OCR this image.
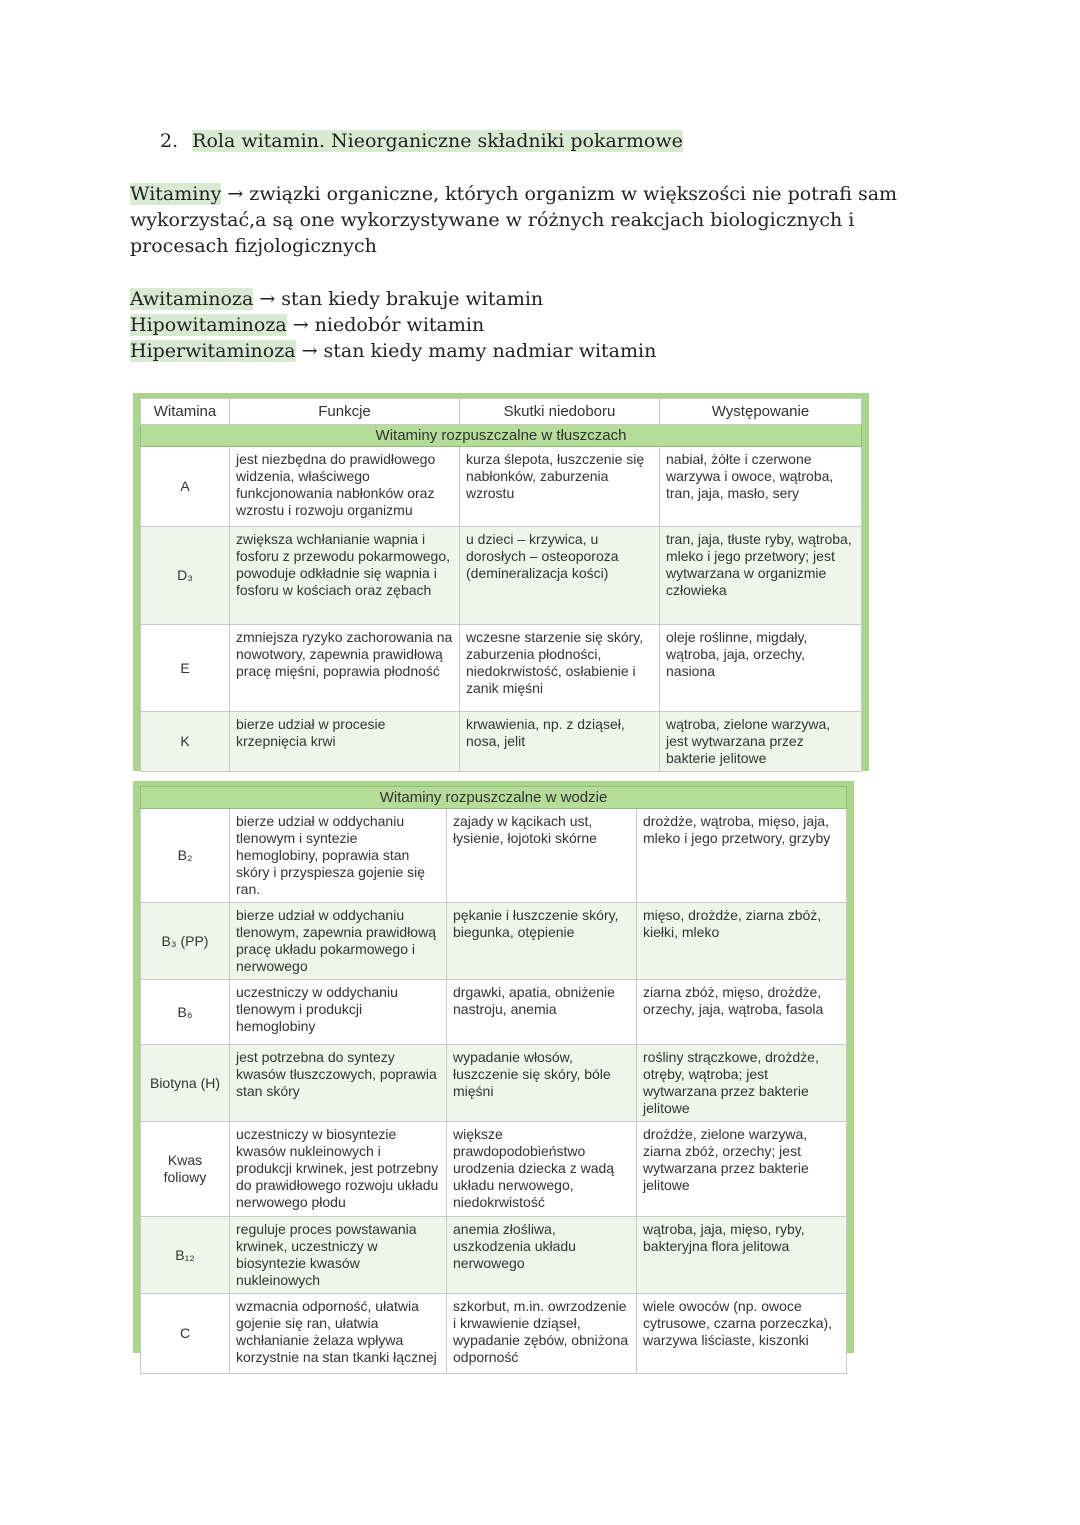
2. Rola witamin. Nieorganiczne składniki pokarmowe
Witaminy → związki organiczne, których organizm w większości nie potrafi sam wykorzystać,a są one wykorzystywane w różnych reakcjach biologicznych i procesach fizjologicznych
Awitaminoza → stan kiedy brakuje witamin
Hipowitaminoza → niedobór witamin
Hiperwitaminoza → stan kiedy mamy nadmiar witamin
Witamina	Funkcje	Skutki niedoboru	Występowanie
Witaminy rozpuszczalne w tłuszczach			
A	jest niezbędna do prawidłowego widzenia, właściwego funkcjonowania nabłonków oraz wzrostu i rozwoju organizmu	kurza ślepota, łuszczenie się nabłonków, zaburzenia wzrostu	nabiał, żółte i czerwone warzywa i owoce, wątroba, tran, jaja, masło, sery
D₃	zwiększa wchłanianie wapnia i fosforu z przewodu pokarmowego, powoduje odkładnie się wapnia i fosforu w kościach oraz zębach	u dzieci – krzywica, u dorosłych – osteoporoza (demineralizacja kości)	tran, jaja, tłuste ryby, wątroba, mleko i jego przetwory; jest wytwarzana w organizmie człowieka
E	zmniejsza ryzyko zachorowania na nowotwory, zapewnia prawidłową pracę mięśni, poprawia płodność	wczesne starzenie się skóry, zaburzenia płodności, niedokrwistość, osłabienie i zanik mięśni	oleje roślinne, migdały, wątroba, jaja, orzechy, nasiona
K	bierze udział w procesie krzepnięcia krwi	krwawienia, np. z dziąseł, nosa, jelit	wątroba, zielone warzywa, jest wytwarzana przez bakterie jelitowe
Witaminy rozpuszczalne w wodzie			
B₂	bierze udział w oddychaniu tlenowym i syntezie hemoglobiny, poprawia stan skóry i przyspiesza gojenie się ran.	zajady w kącikach ust, łysienie, łojotoki skórne	drożdże, wątroba, mięso, jaja, mleko i jego przetwory, grzyby
B₃ (PP)	bierze udział w oddychaniu tlenowym, zapewnia prawidłową pracę układu pokarmowego i nerwowego	pękanie i łuszczenie skóry, biegunka, otępienie	mięso, drożdże, ziarna zbóż, kiełki, mleko
B₆	uczestniczy w oddychaniu tlenowym i produkcji hemoglobiny	drgawki, apatia, obniżenie nastroju, anemia	ziarna zbóż, mięso, drożdże, orzechy, jaja, wątroba, fasola
Biotyna (H)	jest potrzebna do syntezy kwasów tłuszczowych, poprawia stan skóry	wypadanie włosów, łuszczenie się skóry, bóle mięśni	rośliny strączkowe, drożdże, otręby, wątroba; jest wytwarzana przez bakterie jelitowe
Kwas foliowy	uczestniczy w biosyntezie kwasów nukleinowych i produkcji krwinek, jest potrzebny do prawidłowego rozwoju układu nerwowego płodu	większe prawdopodobieństwo urodzenia dziecka z wadą układu nerwowego, niedokrwistość	drożdże, zielone warzywa, ziarna zbóż, orzechy; jest wytwarzana przez bakterie jelitowe
B₁₂	reguluje proces powstawania krwinek, uczestniczy w biosyntezie kwasów nukleinowych	anemia złośliwa, uszkodzenia układu nerwowego	wątroba, jaja, mięso, ryby, bakteryjna flora jelitowa
C	wzmacnia odporność, ułatwia gojenie się ran, ułatwia wchłanianie żelaza wpływa korzystnie na stan tkanki łącznej	szkorbut, m.in. owrzodzenie i krwawienie dziąseł, wypadanie zębów, obniżona odporność	wiele owoców (np. owoce cytrusowe, czarna porzeczka), warzywa liściaste, kiszonki
